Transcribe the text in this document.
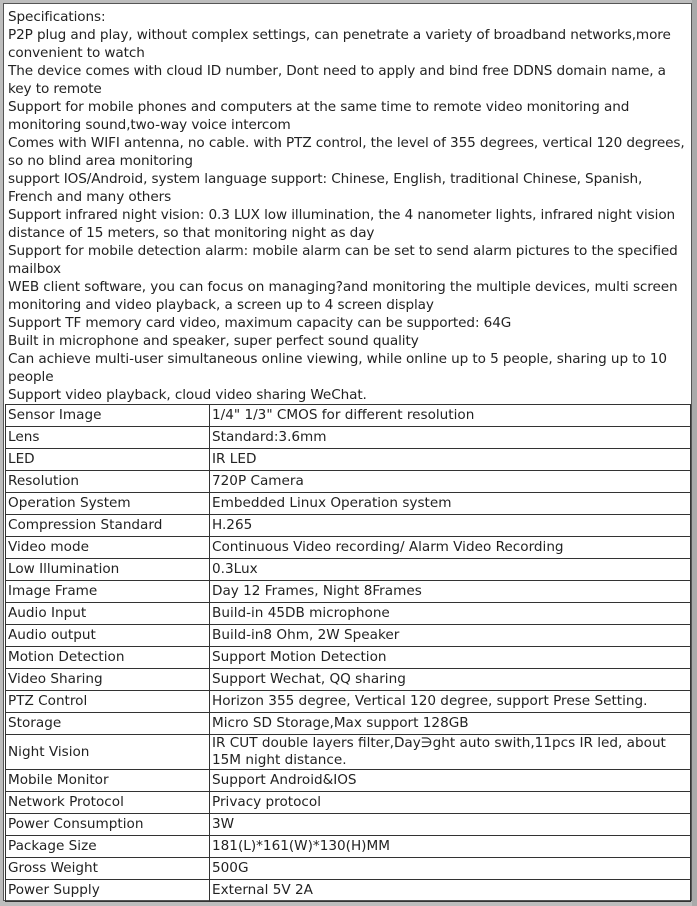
Specifications:
P2P plug and play, without complex settings, can penetrate a variety of broadband networks,more convenient to watch
The device comes with cloud ID number, Dont need to apply and bind free DDNS domain name, a key to remote
Support for mobile phones and computers at the same time to remote video monitoring and monitoring sound,two-way voice intercom
Comes with WIFI antenna, no cable. with PTZ control, the level of 355 degrees, vertical 120 degrees, so no blind area monitoring
support IOS/Android, system language support: Chinese, English, traditional Chinese, Spanish, French and many others
Support infrared night vision: 0.3 LUX low illumination, the 4 nanometer lights, infrared night vision distance of 15 meters, so that monitoring night as day
Support for mobile detection alarm: mobile alarm can be set to send alarm pictures to the specified mailbox
WEB client software, you can focus on managing?and monitoring the multiple devices, multi screen monitoring and video playback, a screen up to 4 screen display
Support TF memory card video, maximum capacity can be supported: 64G
Built in microphone and speaker, super perfect sound quality
Can achieve multi-user simultaneous online viewing, while online up to 5 people, sharing up to 10 people
Support video playback, cloud video sharing WeChat.
Sensor Image	1/4" 1/3" CMOS for different resolution
Lens	Standard:3.6mm
LED	IR LED
Resolution	720P Camera
Operation System	Embedded Linux Operation system
Compression Standard	H.265
Video mode	Continuous Video recording/ Alarm Video Recording
Low Illumination	0.3Lux
Image Frame	Day 12 Frames, Night 8Frames
Audio Input	Build-in 45DB microphone
Audio output	Build-in8 Ohm, 2W Speaker
Motion Detection	Support Motion Detection
Video Sharing	Support Wechat, QQ sharing
PTZ Control	Horizon 355 degree, Vertical 120 degree, support Prese Setting.
Storage	Micro SD Storage,Max support 128GB
Night Vision	IR CUT double layers filter,Day∋ght auto swith,11pcs IR led, about 15M night distance.
Mobile Monitor	Support Android&IOS
Network Protocol	Privacy protocol
Power Consumption	3W
Package Size	181(L)*161(W)*130(H)MM
Gross Weight	500G
Power Supply	External 5V 2A
